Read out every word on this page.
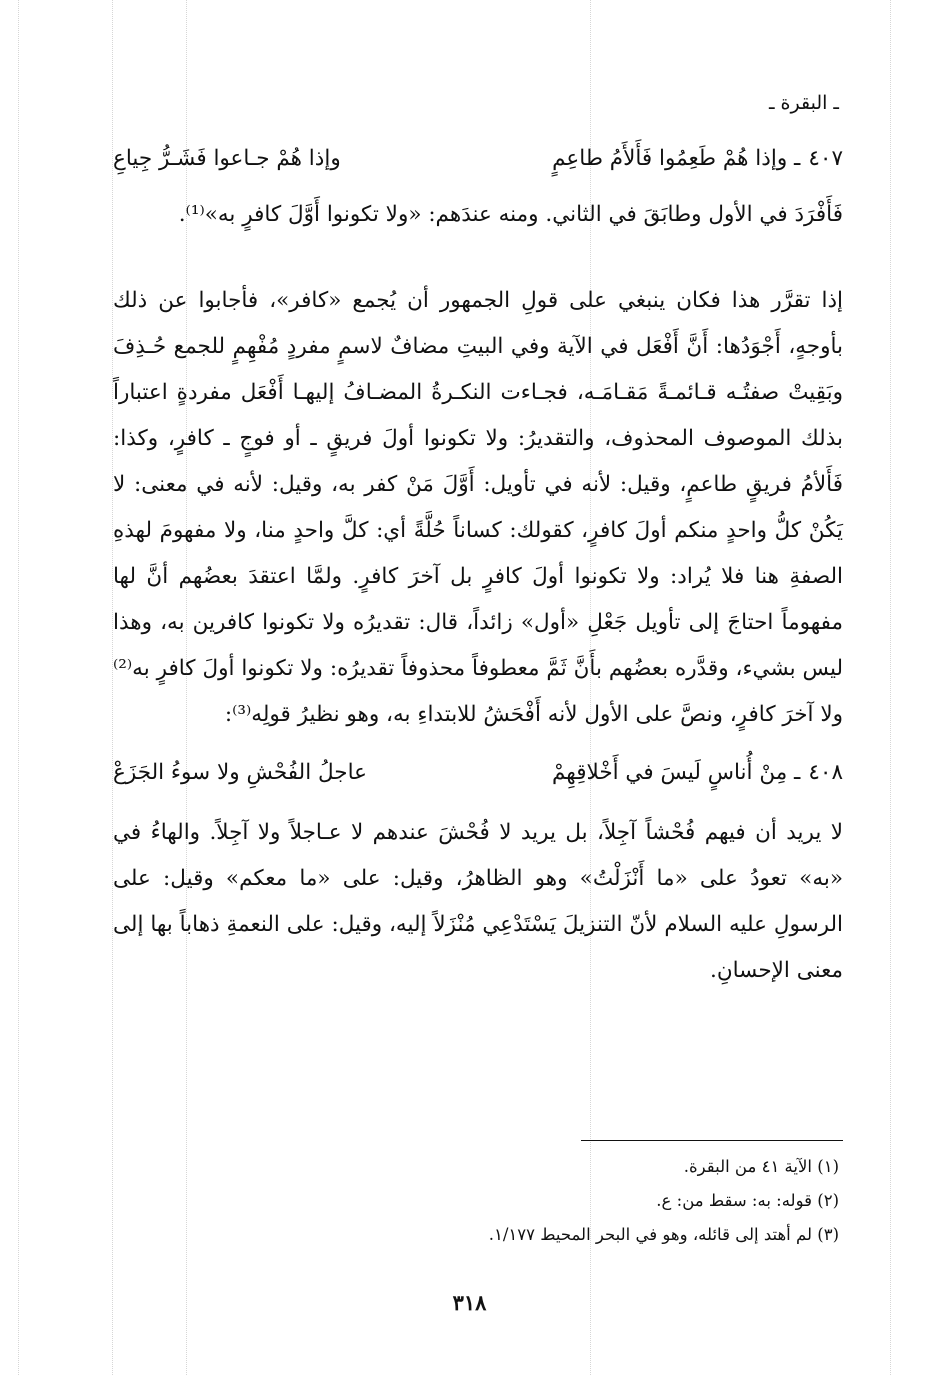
ـ البقرة ـ
٤٠٧ـ وإذا هُمْ طَعِمُوا فَأَلأَمُ طاعِمٍ
وإذا هُمْ جـاعوا فَشَـرُّ جِياعِ

فَأَفْرَدَ في الأول وطابَقَ في الثاني. ومنه عندَهم: «ولا تكونوا أَوَّلَ كافرٍ به»⁽¹⁾.

إذا تقرَّر هذا فكان ينبغي على قولِ الجمهور أن يُجمع «كافر»، فأجابوا عن ذلك بأوجهٍ، أَجْوَدُها: أَنَّ أَفْعَل في الآية وفي البيتِ مضافٌ لاسمٍ مفردٍ مُفْهِمٍ للجمع حُـذِفَ وبَقِيتْ صفتُـه قـائمـةً مَقـامَـه، فجـاءت النكـرةُ المضـافُ إليهـا أَفْعَل مفردةٍ اعتباراً بذلك الموصوف المحذوف، والتقديرُ: ولا تكونوا أولَ فريقٍ ـ أو فوجٍ ـ كافرٍ، وكذا: فَأَلأمُ فريقٍ طاعمٍ، وقيل: لأنه في تأويل: أَوَّلَ مَنْ كفر به، وقيل: لأنه في معنى: لا يَكُنْ كلُّ واحدٍ منكم أولَ كافرٍ، كقولك: كساناً حُلَّةً أي: كلَّ واحدٍ منا، ولا مفهومَ لهذهِ الصفةِ هنا فلا يُراد: ولا تكونوا أولَ كافرٍ بل آخرَ كافرٍ. ولمَّا اعتقدَ بعضُهم أنَّ لها مفهوماً احتاجَ إلى تأويل جَعْلِ «أول» زائداً، قال: تقديرُه ولا تكونوا كافرين به، وهذا ليس بشيء، وقدَّره بعضُهم بأَنَّ ثَمَّ معطوفاً محذوفاً تقديرُه: ولا تكونوا أولَ كافرٍ به⁽²⁾ ولا آخرَ كافرٍ، ونصَّ على الأول لأنه أَفْحَشُ للابتداءِ به، وهو نظيرُ قولِه⁽³⁾:

٤٠٨ـ مِنْ أُناسٍ لَيسَ في أَخْلاقِهِمْ
عاجلُ الفُحْشِ ولا سوءُ الجَزَعْ

لا يريد أن فيهم فُحْشاً آجِلاً، بل يريد لا فُحْشَ عندهم لا عـاجلاً ولا آجِلاً. والهاءُ في «به» تعودُ على «ما أَنْزَلْتُ» وهو الظاهرُ، وقيل: على «ما معكم» وقيل: على الرسولِ عليه السلام لأنّ التنزيلَ يَسْتَدْعِي مُنْزَلاً إليه، وقيل: على النعمةِ ذهاباً بها إلى معنى الإحسانِ.

(١) الآية ٤١ من البقرة.

(٢) قوله: به: سقط من: ع.

(٣) لم أهتد إلى قائله، وهو في البحر المحيط ١/١٧٧.

٣١٨
